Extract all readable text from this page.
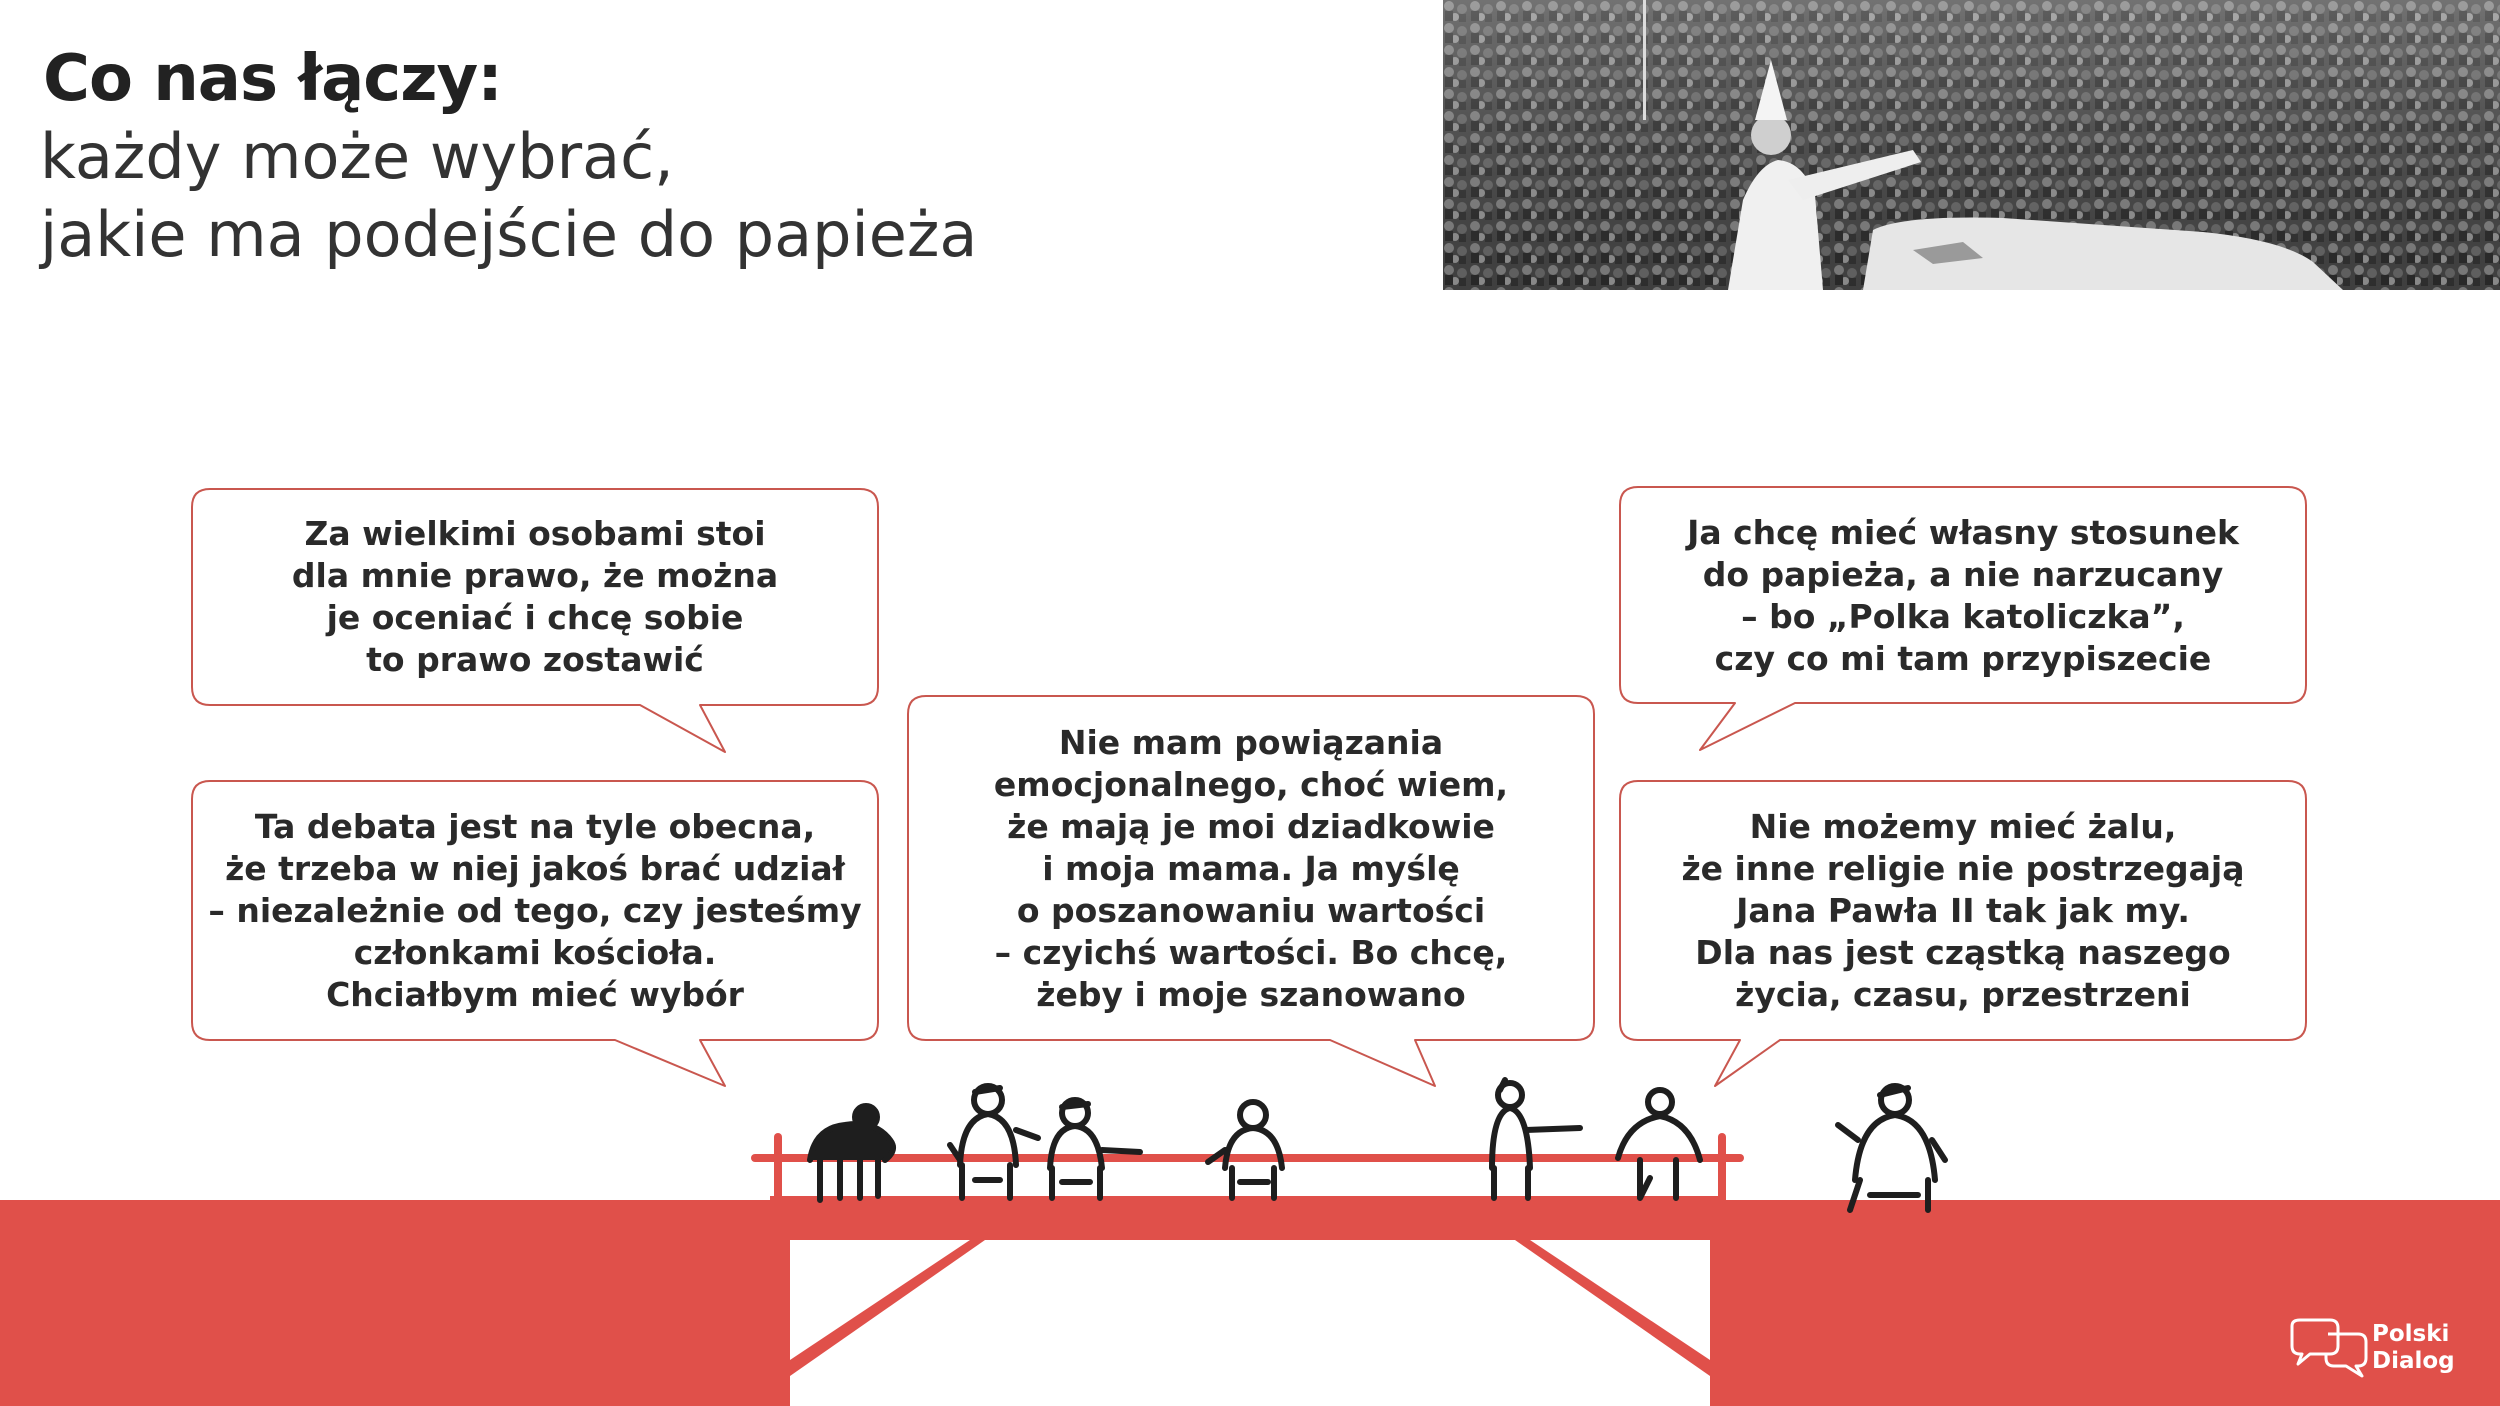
Co nas łączy:
każdy może wybrać,
jakie ma podejście do papieża
Za wielkimi osobami stoi
dla mnie prawo, że można
je oceniać i chcę sobie
to prawo zostawić
Ja chcę mieć własny stosunek
do papieża, a nie narzucany
– bo „Polka katoliczka”,
czy co mi tam przypiszecie
Ta debata jest na tyle obecna,
że trzeba w niej jakoś brać udział
– niezależnie od tego, czy jesteśmy
członkami kościoła.
Chciałbym mieć wybór
Nie mam powiązania
emocjonalnego, choć wiem,
że mają je moi dziadkowie
i moja mama. Ja myślę
o poszanowaniu wartości
– czyichś wartości. Bo chcę,
żeby i moje szanowano
Nie możemy mieć żalu,
że inne religie nie postrzegają
Jana Pawła II tak jak my.
Dla nas jest cząstką naszego
życia, czasu, przestrzeni
Polski
Dialog
